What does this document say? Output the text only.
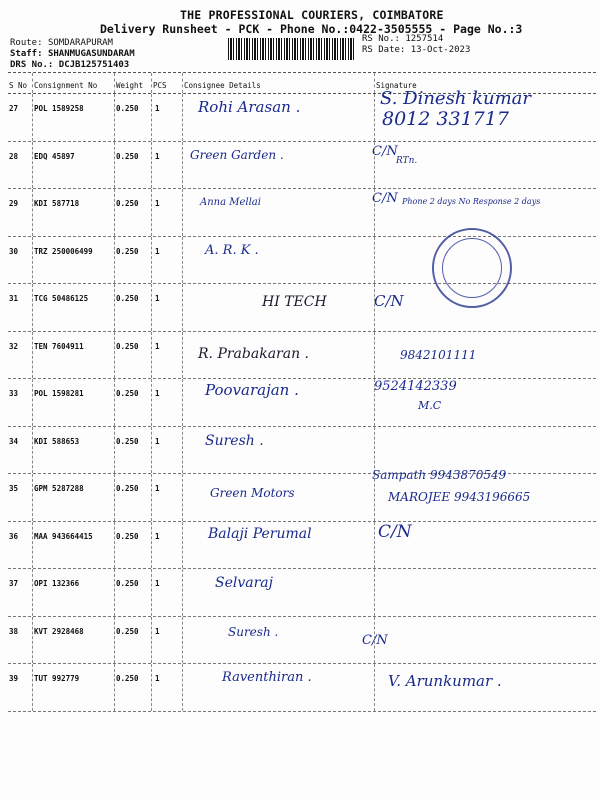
THE PROFESSIONAL COURIERS, COIMBATORE
Delivery Runsheet - PCK - Phone No.:0422-3505555 - Page No.:3
Route: SOMDARAPURAM
Staff: SHANMUGASUNDARAM
DRS No.: DCJB125751403
RS No.: 1257514
RS Date: 13-Oct-2023
S No Consignment No	Weight PCS Consignee Details	Signature
27 POL 1589258	0.250 1	Rohi Arasan .	S. Dinesh kumar
8012 331717
28 EDQ 45897	0.250 1	Green Garden .	C/N
RTn.
29 KDI 587718	0.250 1	Anna Mellai	C/N Phone 2 days No Response 2 days
30 TRZ 250006499	0.250 1	A. R. K .
31 TCG 50486125	0.250 1	HI TECH	C/N
32 TEN 7604911	0.250 1	R. Prabakaran .	9842101111
33 POL 1598281	0.250 1	Poovarajan .	9524142339
M.C
34 KDI 588653	0.250 1	Suresh .
35 GPM 5287288	0.250 1	Green Motors
Sampath 9943870549
MAROJEE 9943196665
36 MAA 943664415	0.250 1	Balaji Perumal	C/N
37 OPI 132366	0.250 1	Selvaraj
38 KVT 2928468	0.250 1	Suresh .
C/N
39 TUT 992779	0.250 1	Raventhiran .	V. Arunkumar .
